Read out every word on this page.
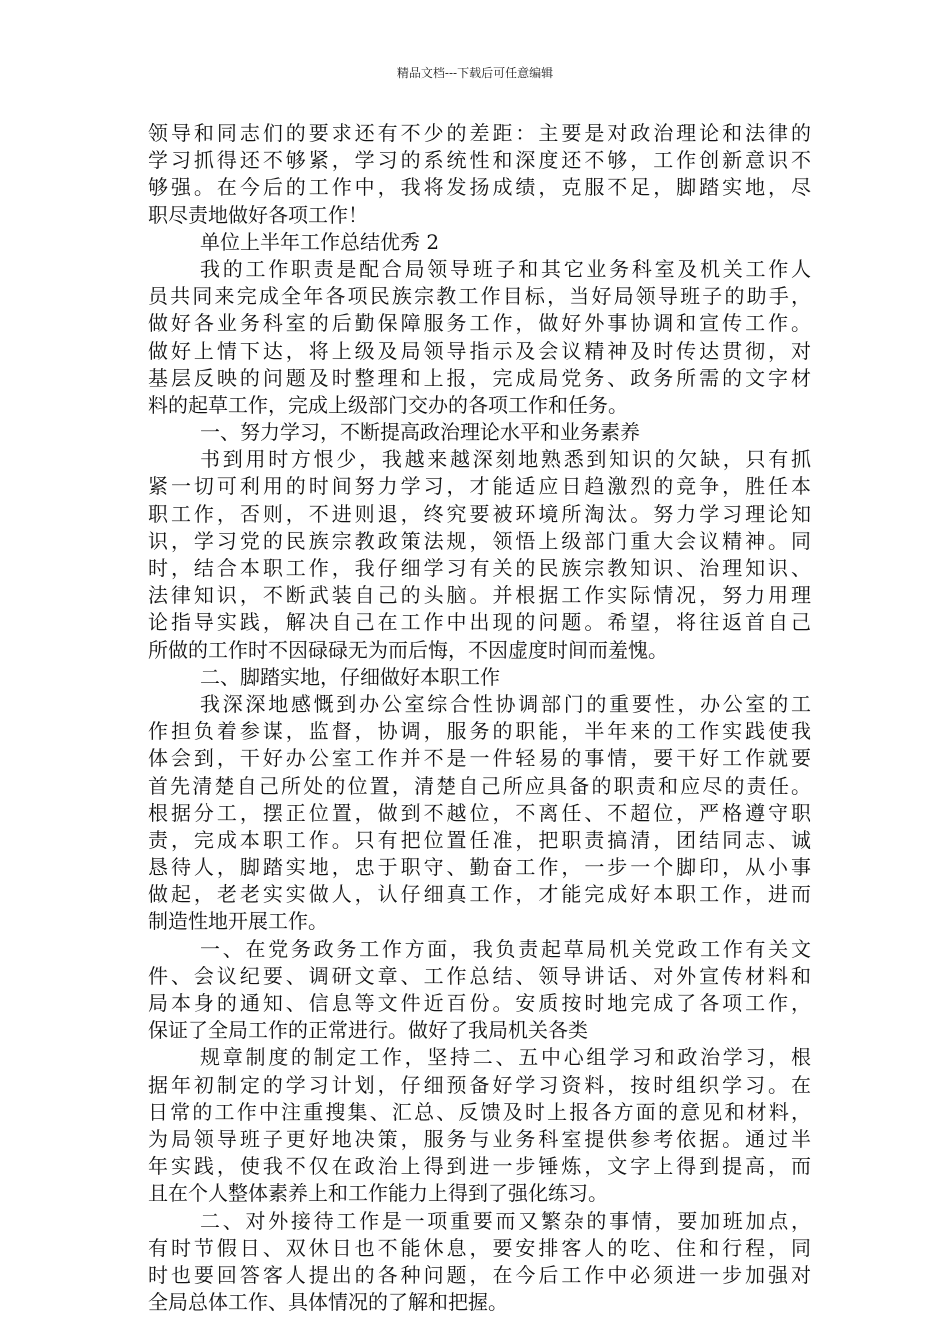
精品文档---下载后可任意编辑
领导和同志们的要求还有不少的差距：主要是对政治理论和法律的
学习抓得还不够紧，学习的系统性和深度还不够，工作创新意识不
够强。在今后的工作中，我将发扬成绩，克服不足，脚踏实地，尽
职尽责地做好各项工作！
单位上半年工作总结优秀 2
我的工作职责是配合局领导班子和其它业务科室及机关工作人
员共同来完成全年各项民族宗教工作目标，当好局领导班子的助手，
做好各业务科室的后勤保障服务工作，做好外事协调和宣传工作。
做好上情下达，将上级及局领导指示及会议精神及时传达贯彻，对
基层反映的问题及时整理和上报，完成局党务、政务所需的文字材
料的起草工作，完成上级部门交办的各项工作和任务。
一、努力学习，不断提高政治理论水平和业务素养
书到用时方恨少，我越来越深刻地熟悉到知识的欠缺，只有抓
紧一切可利用的时间努力学习，才能适应日趋激烈的竞争，胜任本
职工作，否则，不进则退，终究要被环境所淘汰。努力学习理论知
识，学习党的民族宗教政策法规，领悟上级部门重大会议精神。同
时，结合本职工作，我仔细学习有关的民族宗教知识、治理知识、
法律知识，不断武装自己的头脑。并根据工作实际情况，努力用理
论指导实践，解决自己在工作中出现的问题。希望，将往返首自己
所做的工作时不因碌碌无为而后悔，不因虚度时间而羞愧。
二、脚踏实地，仔细做好本职工作
我深深地感慨到办公室综合性协调部门的重要性，办公室的工
作担负着参谋，监督，协调，服务的职能，半年来的工作实践使我
体会到，干好办公室工作并不是一件轻易的事情，要干好工作就要
首先清楚自己所处的位置，清楚自己所应具备的职责和应尽的责任。
根据分工，摆正位置，做到不越位，不离任、不超位，严格遵守职
责，完成本职工作。只有把位置任准，把职责搞清，团结同志、诚
恳待人，脚踏实地，忠于职守、勤奋工作，一步一个脚印，从小事
做起，老老实实做人，认仔细真工作，才能完成好本职工作，进而
制造性地开展工作。
一、在党务政务工作方面，我负责起草局机关党政工作有关文
件、会议纪要、调研文章、工作总结、领导讲话、对外宣传材料和
局本身的通知、信息等文件近百份。安质按时地完成了各项工作，
保证了全局工作的正常进行。做好了我局机关各类
规章制度的制定工作，坚持二、五中心组学习和政治学习，根
据年初制定的学习计划，仔细预备好学习资料，按时组织学习。在
日常的工作中注重搜集、汇总、反馈及时上报各方面的意见和材料，
为局领导班子更好地决策，服务与业务科室提供参考依据。通过半
年实践，使我不仅在政治上得到进一步锤炼，文字上得到提高，而
且在个人整体素养上和工作能力上得到了强化练习。
二、对外接待工作是一项重要而又繁杂的事情，要加班加点，
有时节假日、双休日也不能休息，要安排客人的吃、住和行程，同
时也要回答客人提出的各种问题，在今后工作中必须进一步加强对
全局总体工作、具体情况的了解和把握。
